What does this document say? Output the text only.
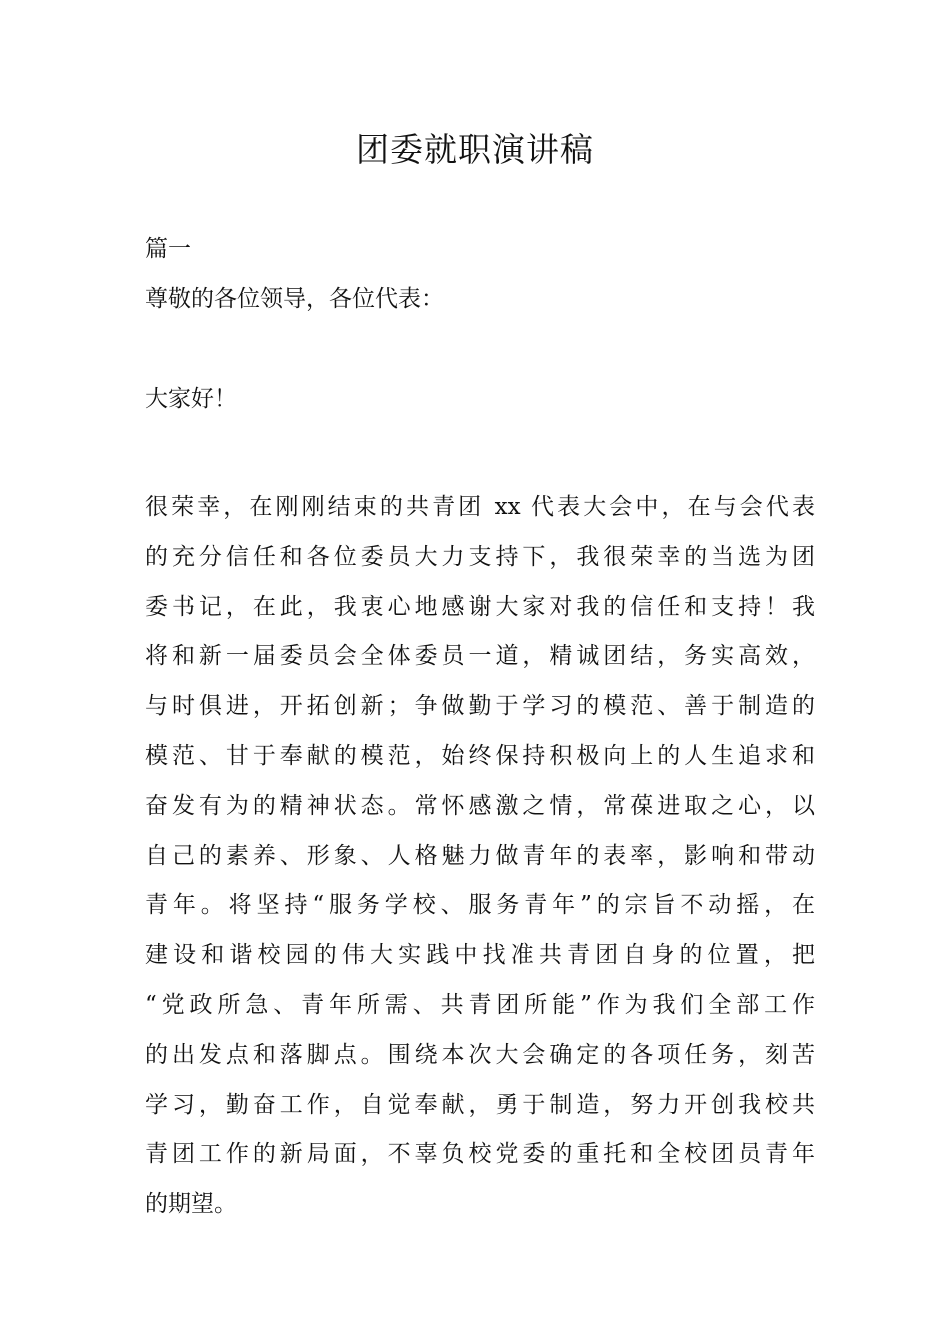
团委就职演讲稿
篇一
尊敬的各位领导，各位代表：
大家好！
很荣幸，在刚刚结束的共青团 xx 代表大会中，在与会代表
的充分信任和各位委员大力支持下，我很荣幸的当选为团
委书记，在此，我衷心地感谢大家对我的信任和支持！我
将和新一届委员会全体委员一道，精诚团结，务实高效，
与时俱进，开拓创新；争做勤于学习的模范、善于制造的
模范、甘于奉献的模范，始终保持积极向上的人生追求和
奋发有为的精神状态。常怀感激之情，常葆进取之心，以
自己的素养、形象、人格魅力做青年的表率，影响和带动
青年。将坚持“服务学校、服务青年”的宗旨不动摇，在
建设和谐校园的伟大实践中找准共青团自身的位置，把
“党政所急、青年所需、共青团所能”作为我们全部工作
的出发点和落脚点。围绕本次大会确定的各项任务，刻苦
学习，勤奋工作，自觉奉献，勇于制造，努力开创我校共
青团工作的新局面，不辜负校党委的重托和全校团员青年
的期望。
